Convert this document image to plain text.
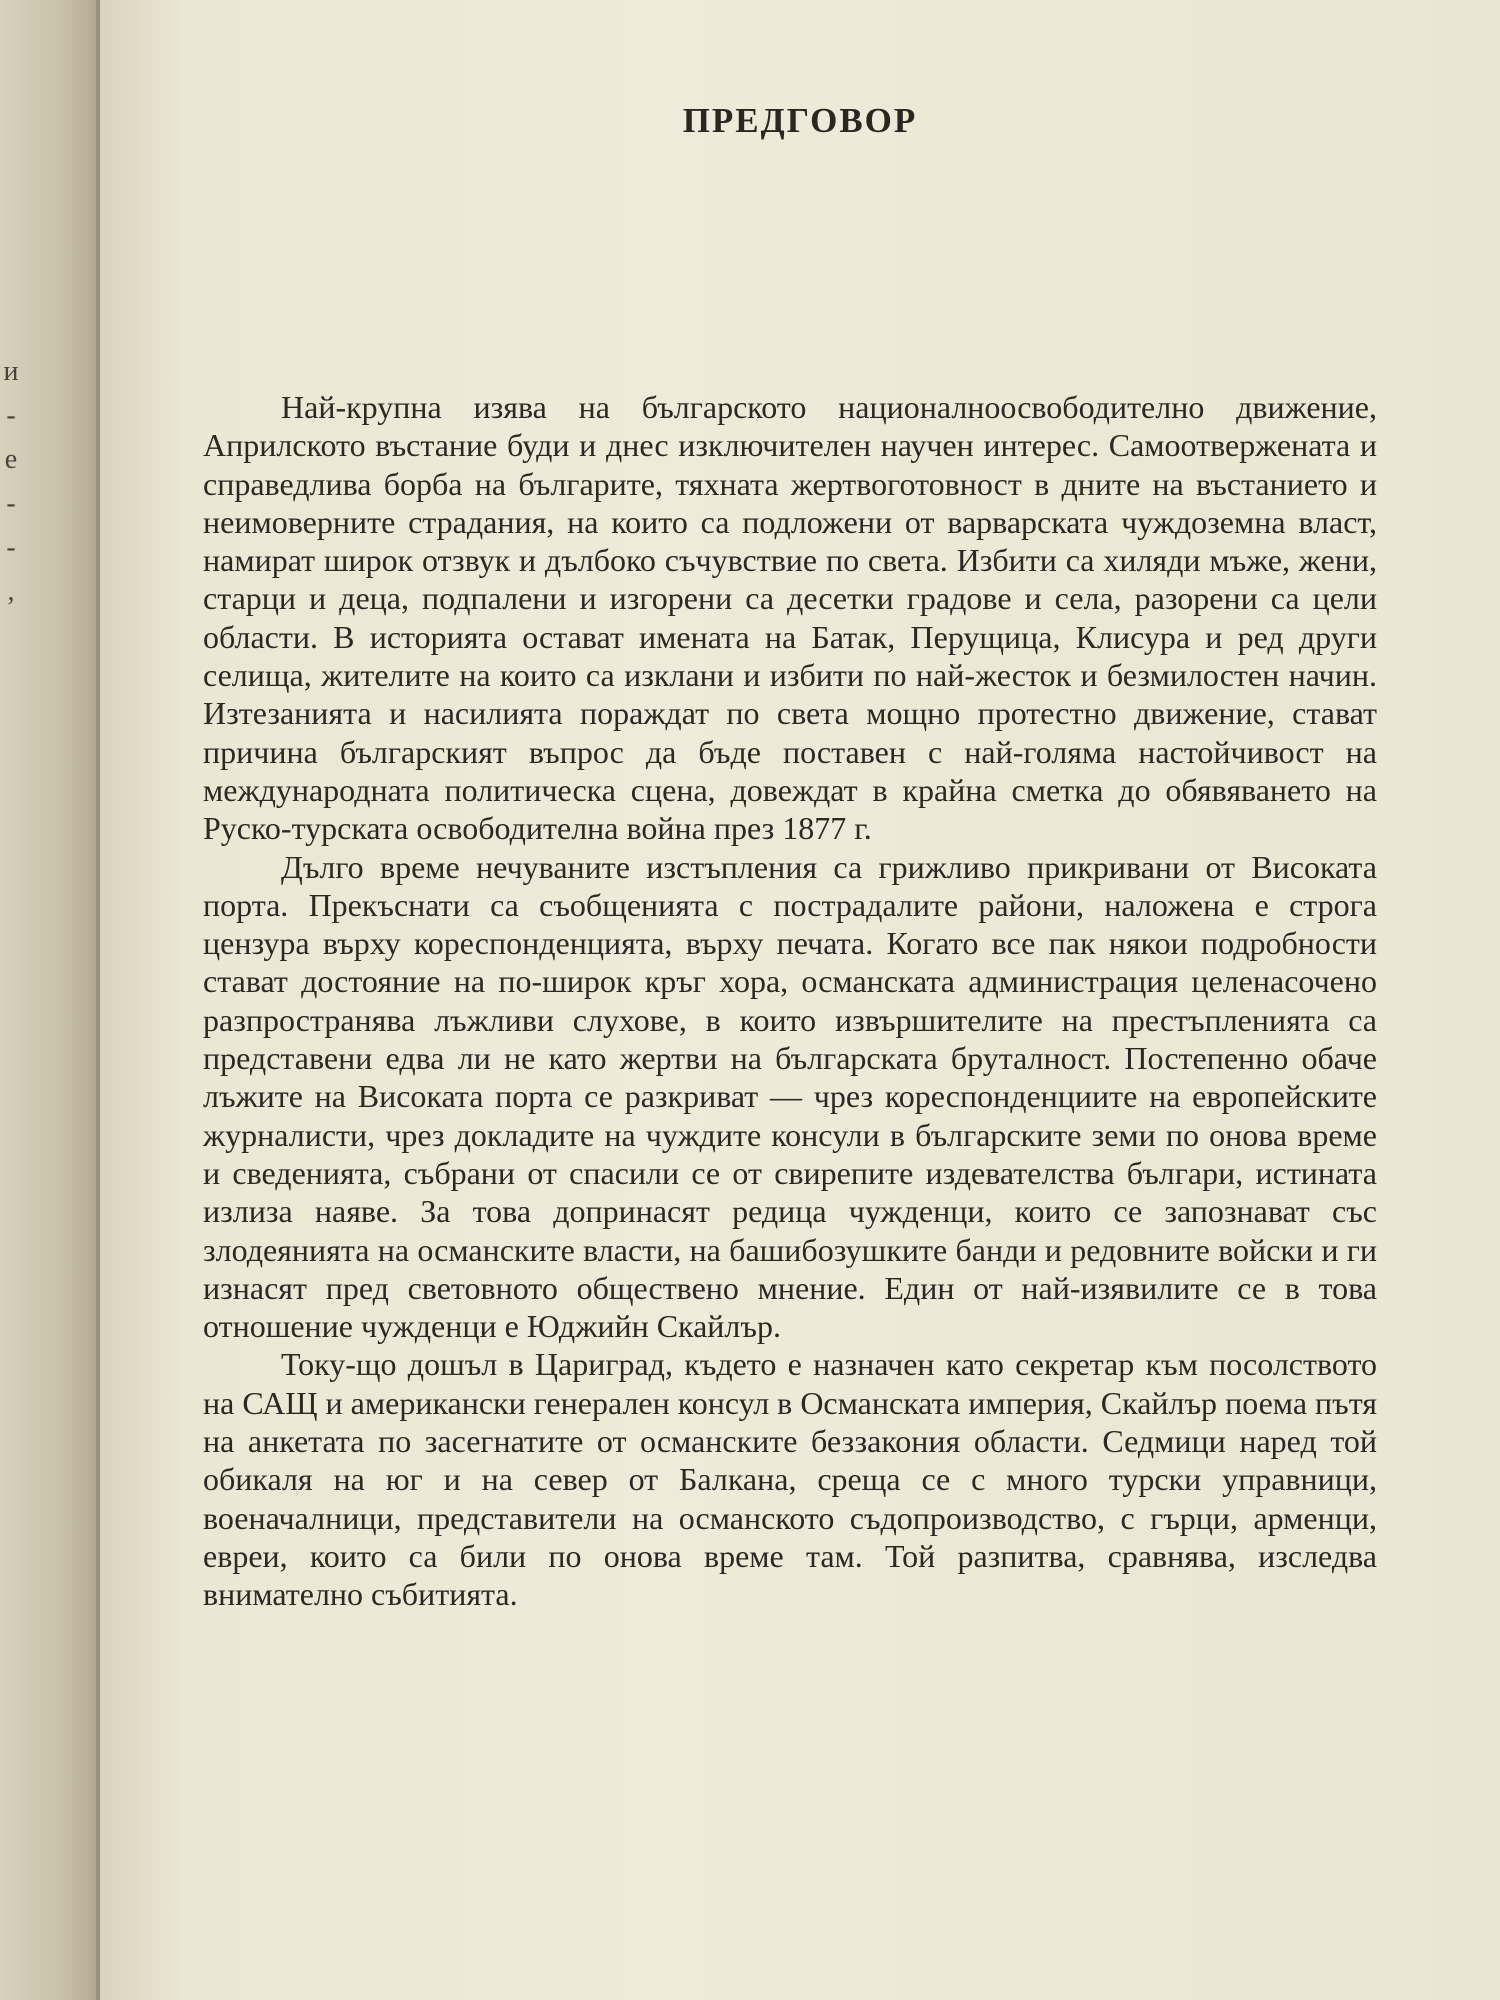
и
-
е
-
-
,
ПРЕДГОВОР

Най-крупна изява на българското националноосвободително движение, Априлското въстание буди и днес изключителен научен интерес. Самоотвержената и справедлива борба на българите, тяхната жертвоготовност в дните на въстанието и неимоверните страдания, на които са подложени от варварската чуждоземна власт, намират широк отзвук и дълбоко съчувствие по света. Избити са хиляди мъже, жени, старци и деца, подпалени и изгорени са десетки градове и села, разорени са цели области. В историята остават имената на Батак, Перущица, Клисура и ред други селища, жителите на които са изклани и избити по най-жесток и безмилостен начин. Изтезанията и насилията пораждат по света мощно протестно движение, стават причина българският въпрос да бъде поставен с най-голяма настойчивост на международната политическа сцена, довеждат в крайна сметка до обявяването на Руско-турската освободителна война през 1877 г.

Дълго време нечуваните изстъпления са грижливо прикривани от Високата порта. Прекъснати са съобщенията с пострадалите райони, наложена е строга цензура върху кореспонденцията, върху печата. Когато все пак някои подробности стават достояние на по-широк кръг хора, османската администрация целенасочено разпространява лъжливи слухове, в които извършителите на престъпленията са представени едва ли не като жертви на българската бруталност. Постепенно обаче лъжите на Високата порта се разкриват — чрез кореспонденциите на европейските журналисти, чрез докладите на чуждите консули в българските земи по онова време и сведенията, събрани от спасили се от свирепите издевателства българи, истината излиза наяве. За това допринасят редица чужденци, които се запознават със злодеянията на османските власти, на башибозушките банди и редовните войски и ги изнасят пред световното обществено мнение. Един от най-изявилите се в това отношение чужденци е Юджийн Скайлър.

Току-що дошъл в Цариград, където е назначен като секретар към посолството на САЩ и американски генерален консул в Османската империя, Скайлър поема пътя на анкетата по засегнатите от османските беззакония области. Седмици наред той обикаля на юг и на север от Балкана, среща се с много турски управници, военачалници, представители на османското съдопроизводство, с гърци, арменци, евреи, които са били по онова време там. Той разпитва, сравнява, изследва внимателно събитията.
